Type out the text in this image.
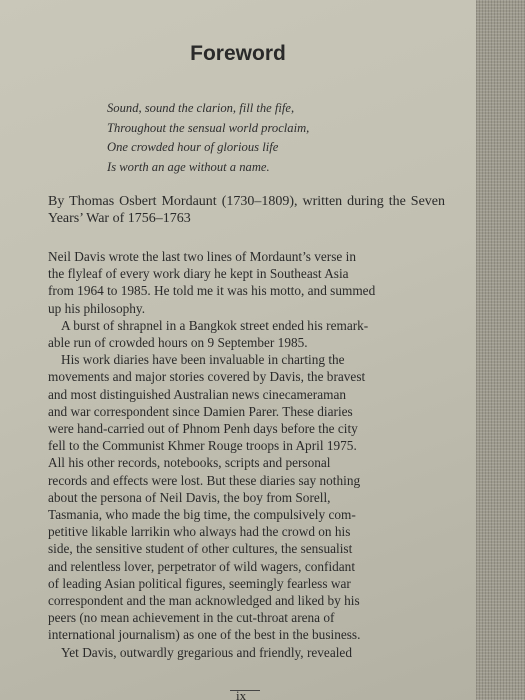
Foreword
Sound, sound the clarion, fill the fife,
Throughout the sensual world proclaim,
One crowded hour of glorious life
Is worth an age without a name.

By Thomas Osbert Mordaunt (1730–1809), written during the Seven Years’ War of 1756–1763

Neil Davis wrote the last two lines of Mordaunt’s verse in
the flyleaf of every work diary he kept in Southeast Asia
from 1964 to 1985. He told me it was his motto, and summed
up his philosophy.
A burst of shrapnel in a Bangkok street ended his remark-
able run of crowded hours on 9 September 1985.
His work diaries have been invaluable in charting the
movements and major stories covered by Davis, the bravest
and most distinguished Australian news cinecameraman
and war correspondent since Damien Parer. These diaries
were hand-carried out of Phnom Penh days before the city
fell to the Communist Khmer Rouge troops in April 1975.
All his other records, notebooks, scripts and personal
records and effects were lost. But these diaries say nothing
about the persona of Neil Davis, the boy from Sorell,
Tasmania, who made the big time, the compulsively com-
petitive likable larrikin who always had the crowd on his
side, the sensitive student of other cultures, the sensualist
and relentless lover, perpetrator of wild wagers, confidant
of leading Asian political figures, seemingly fearless war
correspondent and the man acknowledged and liked by his
peers (no mean achievement in the cut-throat arena of
international journalism) as one of the best in the business.
Yet Davis, outwardly gregarious and friendly, revealed
ix
